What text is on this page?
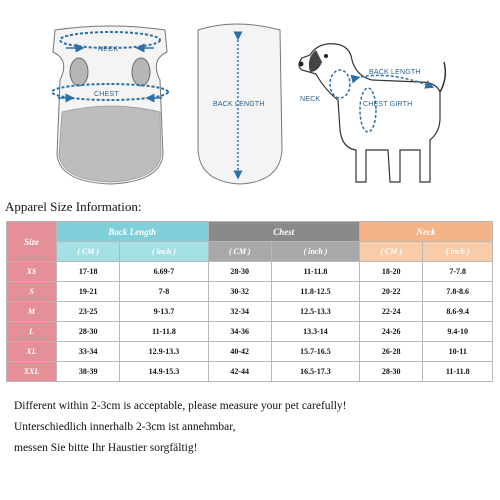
NECK
CHEST
BACK LENGTH
BACK LENGTH
NECK
CHEST GIRTH
Apparel Size Information:
Size	Back Length		Chest		Neck	
	( CM )	( inch )	( CM )	( inch )	( CM )	( inch )
XS	17-18	6.69-7	28-30	11-11.8	18-20	7-7.8
S	19-21	7-8	30-32	11.8-12.5	20-22	7.8-8.6
M	23-25	9-13.7	32-34	12.5-13.3	22-24	8.6-9.4
L	28-30	11-11.8	34-36	13.3-14	24-26	9.4-10
XL	33-34	12.9-13.3	40-42	15.7-16.5	26-28	10-11
XXL	38-39	14.9-15.3	42-44	16.5-17.3	28-30	11-11.8
Different within 2-3cm is acceptable, please measure your pet carefully!
Unterschiedlich innerhalb 2-3cm ist annehmbar,
messen Sie bitte Ihr Haustier sorgfältig!
